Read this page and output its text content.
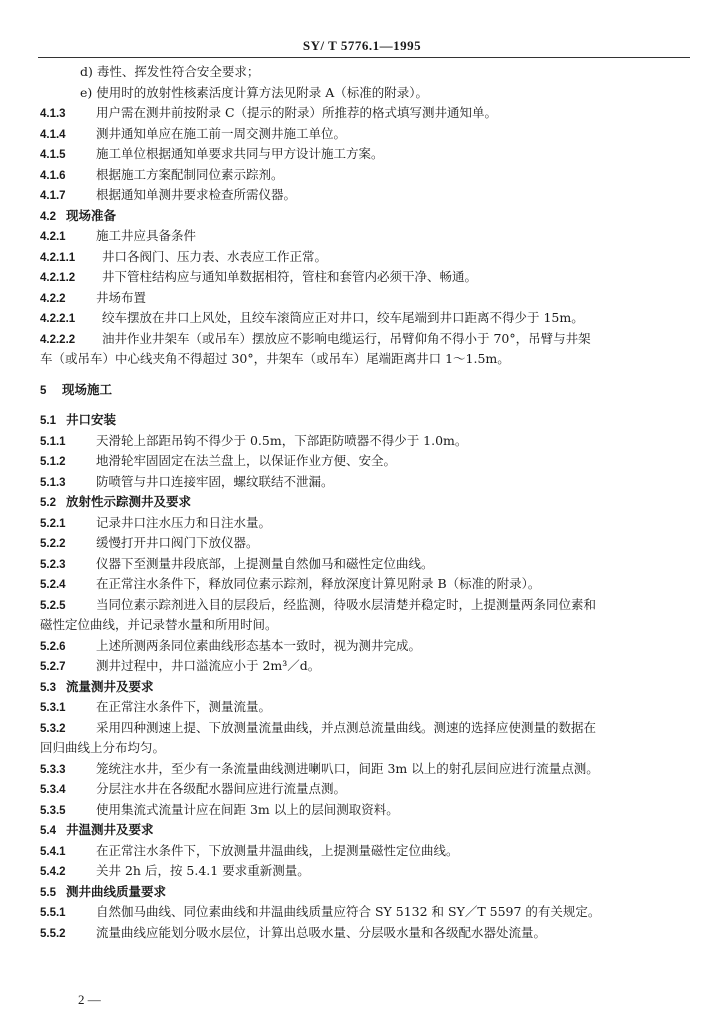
SY/ T 5776.1—1995
d) 毒性、挥发性符合安全要求；
e) 使用时的放射性核素活度计算方法见附录 A（标准的附录）。
4.1.3 用户需在测井前按附录 C（提示的附录）所推荐的格式填写测井通知单。
4.1.4 测井通知单应在施工前一周交测井施工单位。
4.1.5 施工单位根据通知单要求共同与甲方设计施工方案。
4.1.6 根据施工方案配制同位素示踪剂。
4.1.7 根据通知单测井要求检查所需仪器。
4.2 现场准备
4.2.1 施工井应具备条件
4.2.1.1 井口各阀门、压力表、水表应工作正常。
4.2.1.2 井下管柱结构应与通知单数据相符，管柱和套管内必须干净、畅通。
4.2.2 井场布置
4.2.2.1 绞车摆放在井口上风处，且绞车滚筒应正对井口，绞车尾端到井口距离不得少于 15m。
4.2.2.2 油井作业井架车（或吊车）摆放应不影响电缆运行，吊臂仰角不得小于 70°，吊臂与井架
车（或吊车）中心线夹角不得超过 30°，井架车（或吊车）尾端距离井口 1～1.5m。
5 现场施工
5.1 井口安装
5.1.1 天滑轮上部距吊钩不得少于 0.5m，下部距防喷器不得少于 1.0m。
5.1.2 地滑轮牢固固定在法兰盘上，以保证作业方便、安全。
5.1.3 防喷管与井口连接牢固，螺纹联结不泄漏。
5.2 放射性示踪测井及要求
5.2.1 记录井口注水压力和日注水量。
5.2.2 缓慢打开井口阀门下放仪器。
5.2.3 仪器下至测量井段底部，上提测量自然伽马和磁性定位曲线。
5.2.4 在正常注水条件下，释放同位素示踪剂，释放深度计算见附录 B（标准的附录）。
5.2.5 当同位素示踪剂进入目的层段后，经监测，待吸水层清楚并稳定时，上提测量两条同位素和
磁性定位曲线，并记录替水量和所用时间。
5.2.6 上述所测两条同位素曲线形态基本一致时，视为测井完成。
5.2.7 测井过程中，井口溢流应小于 2m³／d。
5.3 流量测井及要求
5.3.1 在正常注水条件下，测量流量。
5.3.2 采用四种测速上提、下放测量流量曲线，并点测总流量曲线。测速的选择应使测量的数据在
回归曲线上分布均匀。
5.3.3 笼统注水井，至少有一条流量曲线测进喇叭口，间距 3m 以上的射孔层间应进行流量点测。
5.3.4 分层注水井在各级配水器间应进行流量点测。
5.3.5 使用集流式流量计应在间距 3m 以上的层间测取资料。
5.4 井温测井及要求
5.4.1 在正常注水条件下，下放测量井温曲线，上提测量磁性定位曲线。
5.4.2 关井 2h 后，按 5.4.1 要求重新测量。
5.5 测井曲线质量要求
5.5.1 自然伽马曲线、同位素曲线和井温曲线质量应符合 SY 5132 和 SY／T 5597 的有关规定。
5.5.2 流量曲线应能划分吸水层位，计算出总吸水量、分层吸水量和各级配水器处流量。
2 —
